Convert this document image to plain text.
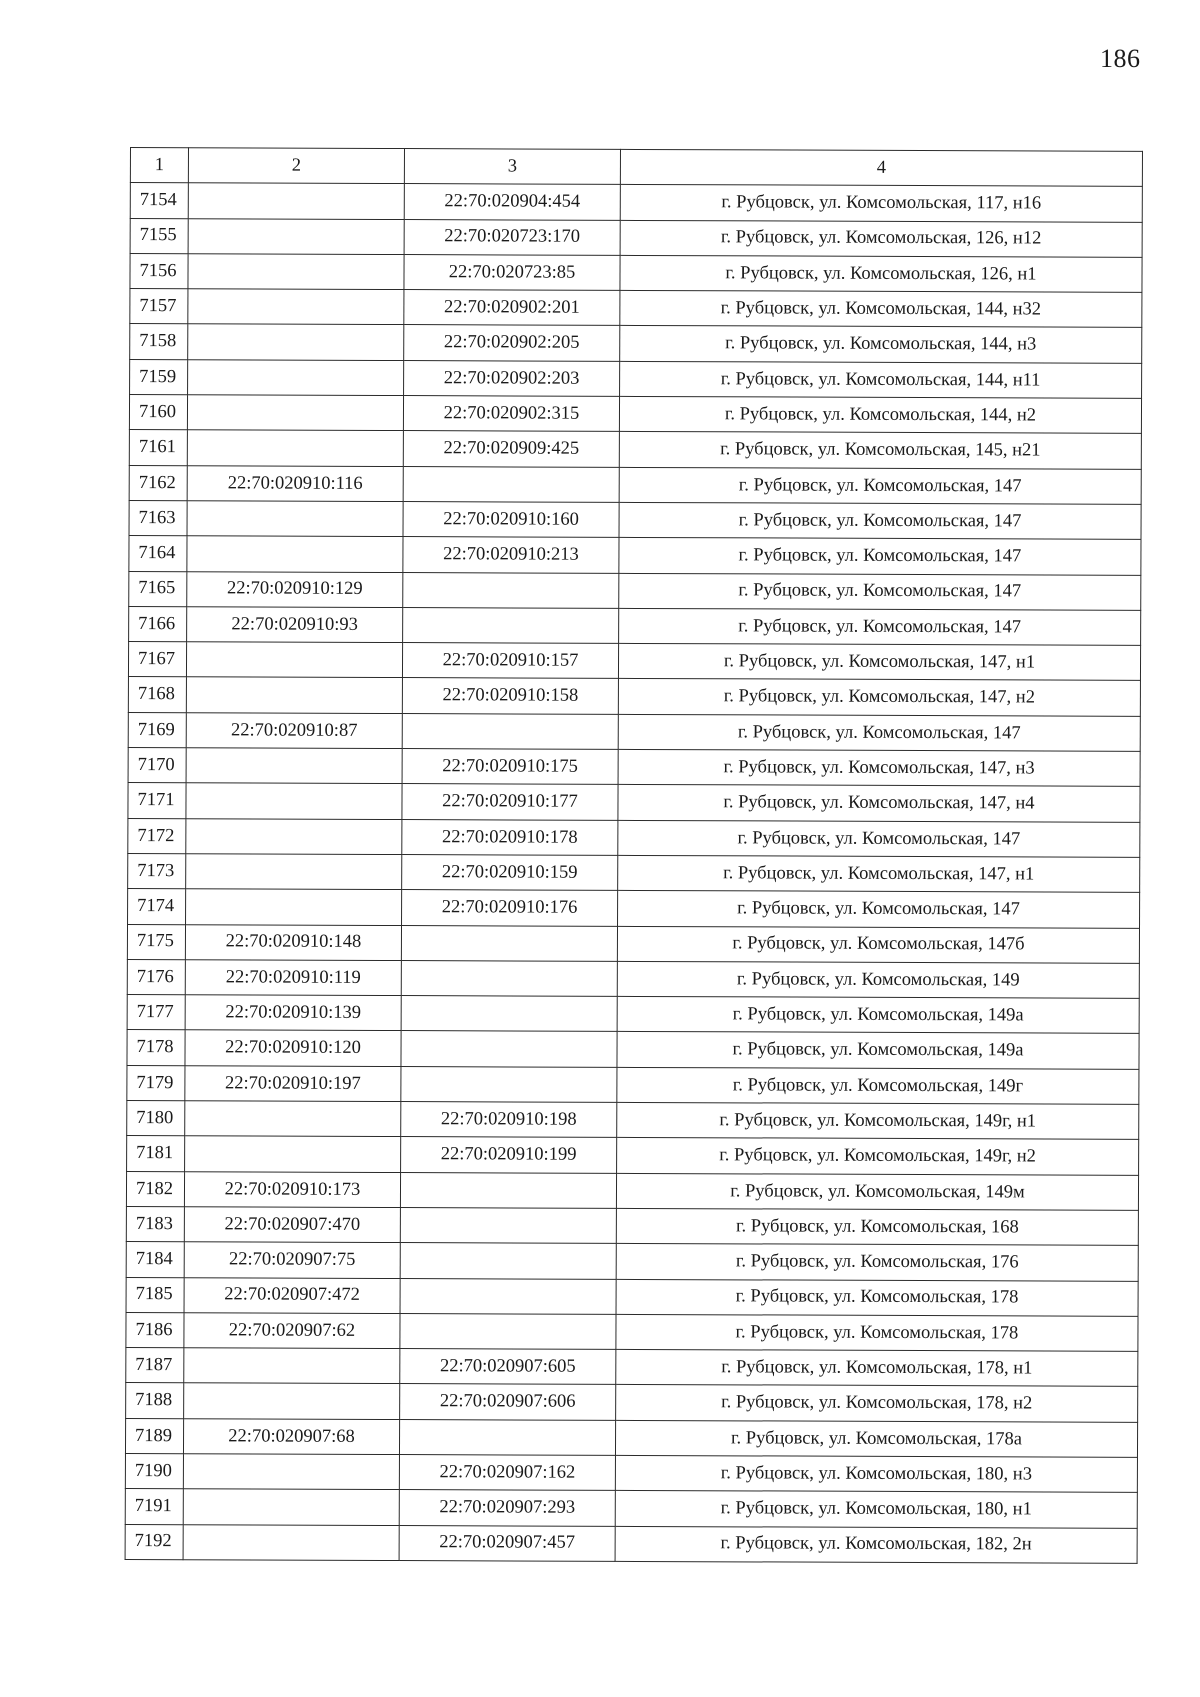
186
1	2	3	4
7154		22:70:020904:454	г. Рубцовск, ул. Комсомольская, 117, н16
7155		22:70:020723:170	г. Рубцовск, ул. Комсомольская, 126, н12
7156		22:70:020723:85	г. Рубцовск, ул. Комсомольская, 126, н1
7157		22:70:020902:201	г. Рубцовск, ул. Комсомольская, 144, н32
7158		22:70:020902:205	г. Рубцовск, ул. Комсомольская, 144, н3
7159		22:70:020902:203	г. Рубцовск, ул. Комсомольская, 144, н11
7160		22:70:020902:315	г. Рубцовск, ул. Комсомольская, 144, н2
7161		22:70:020909:425	г. Рубцовск, ул. Комсомольская, 145, н21
7162	22:70:020910:116		г. Рубцовск, ул. Комсомольская, 147
7163		22:70:020910:160	г. Рубцовск, ул. Комсомольская, 147
7164		22:70:020910:213	г. Рубцовск, ул. Комсомольская, 147
7165	22:70:020910:129		г. Рубцовск, ул. Комсомольская, 147
7166	22:70:020910:93		г. Рубцовск, ул. Комсомольская, 147
7167		22:70:020910:157	г. Рубцовск, ул. Комсомольская, 147, н1
7168		22:70:020910:158	г. Рубцовск, ул. Комсомольская, 147, н2
7169	22:70:020910:87		г. Рубцовск, ул. Комсомольская, 147
7170		22:70:020910:175	г. Рубцовск, ул. Комсомольская, 147, н3
7171		22:70:020910:177	г. Рубцовск, ул. Комсомольская, 147, н4
7172		22:70:020910:178	г. Рубцовск, ул. Комсомольская, 147
7173		22:70:020910:159	г. Рубцовск, ул. Комсомольская, 147, н1
7174		22:70:020910:176	г. Рубцовск, ул. Комсомольская, 147
7175	22:70:020910:148		г. Рубцовск, ул. Комсомольская, 147б
7176	22:70:020910:119		г. Рубцовск, ул. Комсомольская, 149
7177	22:70:020910:139		г. Рубцовск, ул. Комсомольская, 149а
7178	22:70:020910:120		г. Рубцовск, ул. Комсомольская, 149а
7179	22:70:020910:197		г. Рубцовск, ул. Комсомольская, 149г
7180		22:70:020910:198	г. Рубцовск, ул. Комсомольская, 149г, н1
7181		22:70:020910:199	г. Рубцовск, ул. Комсомольская, 149г, н2
7182	22:70:020910:173		г. Рубцовск, ул. Комсомольская, 149м
7183	22:70:020907:470		г. Рубцовск, ул. Комсомольская, 168
7184	22:70:020907:75		г. Рубцовск, ул. Комсомольская, 176
7185	22:70:020907:472		г. Рубцовск, ул. Комсомольская, 178
7186	22:70:020907:62		г. Рубцовск, ул. Комсомольская, 178
7187		22:70:020907:605	г. Рубцовск, ул. Комсомольская, 178, н1
7188		22:70:020907:606	г. Рубцовск, ул. Комсомольская, 178, н2
7189	22:70:020907:68		г. Рубцовск, ул. Комсомольская, 178а
7190		22:70:020907:162	г. Рубцовск, ул. Комсомольская, 180, н3
7191		22:70:020907:293	г. Рубцовск, ул. Комсомольская, 180, н1
7192		22:70:020907:457	г. Рубцовск, ул. Комсомольская, 182, 2н
